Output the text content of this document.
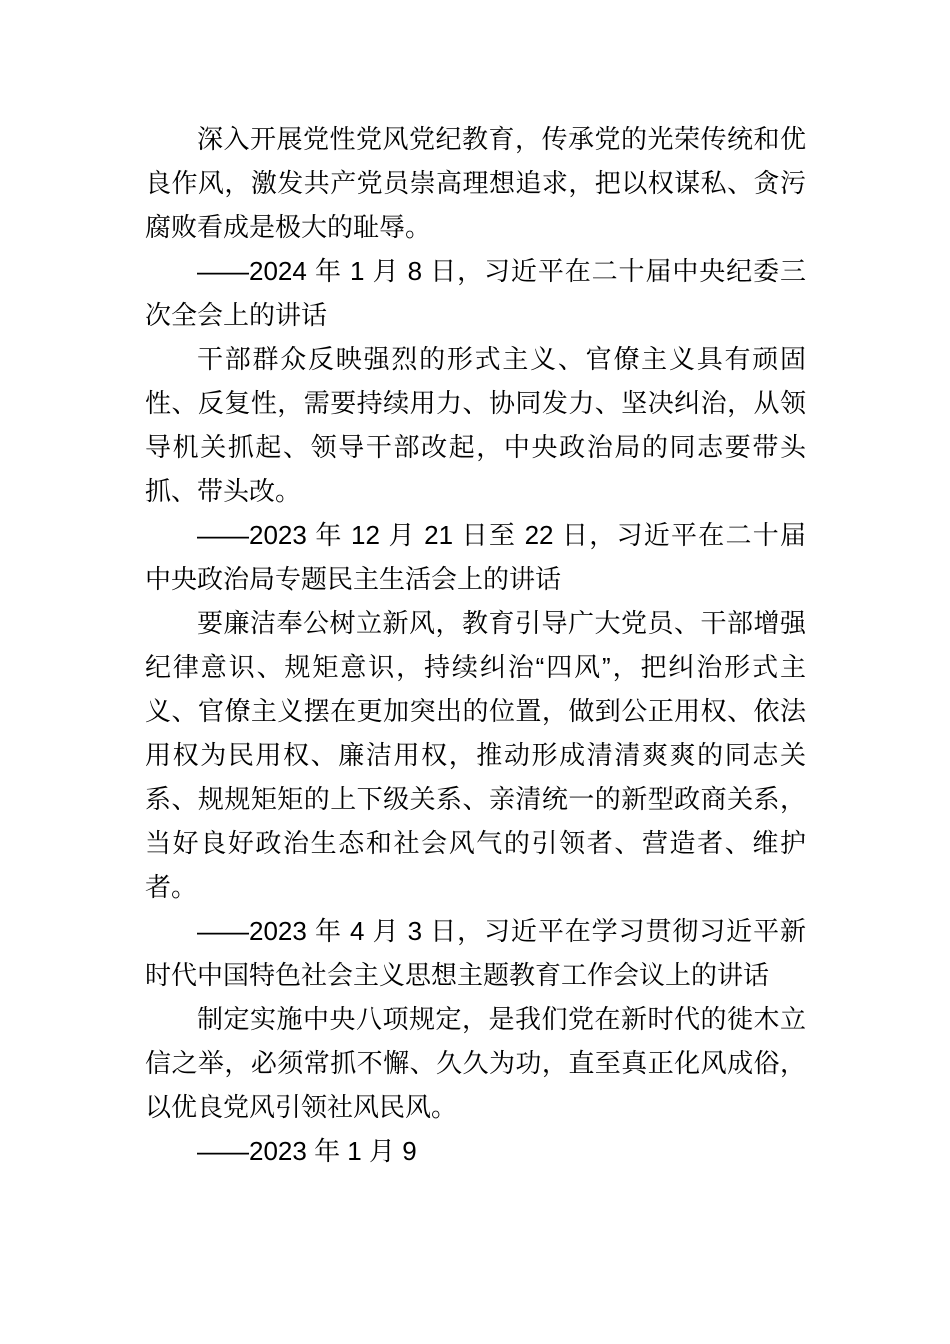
深入开展党性党风党纪教育，传承党的光荣传统和优良作风，激发共产党员崇高理想追求，把以权谋私、贪污腐败看成是极大的耻辱。

——2024 年 1 月 8 日，习近平在二十届中央纪委三次全会上的讲话

干部群众反映强烈的形式主义、官僚主义具有顽固性、反复性，需要持续用力、协同发力、坚决纠治，从领导机关抓起、领导干部改起，中央政治局的同志要带头抓、带头改。

——2023 年 12 月 21 日至 22 日，习近平在二十届中央政治局专题民主生活会上的讲话

要廉洁奉公树立新风，教育引导广大党员、干部增强纪律意识、规矩意识，持续纠治“四风”，把纠治形式主义、官僚主义摆在更加突出的位置，做到公正用权、依法用权为民用权、廉洁用权，推动形成清清爽爽的同志关系、规规矩矩的上下级关系、亲清统一的新型政商关系，当好良好政治生态和社会风气的引领者、营造者、维护者。

——2023 年 4 月 3 日，习近平在学习贯彻习近平新时代中国特色社会主义思想主题教育工作会议上的讲话

制定实施中央八项规定，是我们党在新时代的徙木立信之举，必须常抓不懈、久久为功，直至真正化风成俗，以优良党风引领社风民风。

——2023 年 1 月 9
